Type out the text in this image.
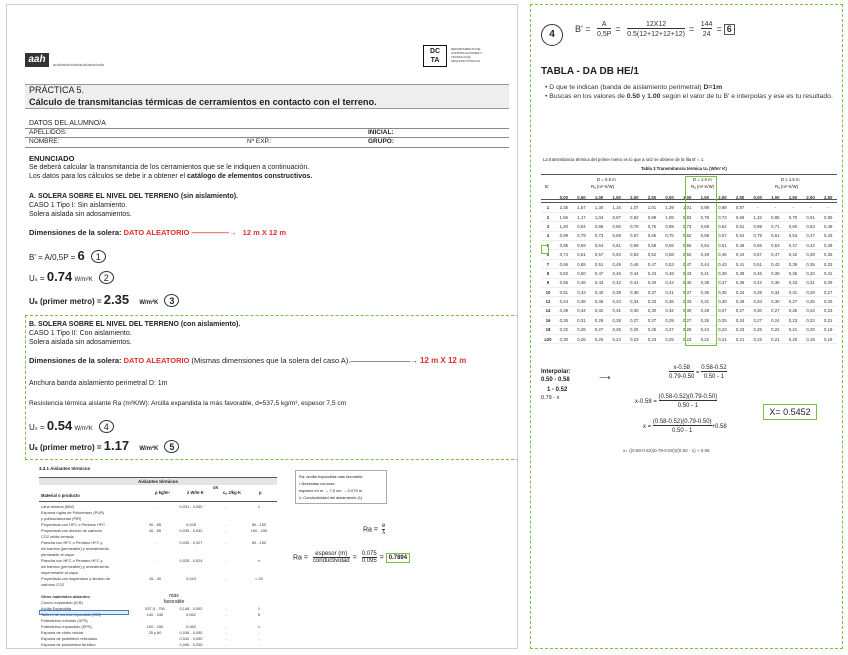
aah	aula/aula/aula/aula/aula/aula
DC
TA
DEPARTAMENTO DE CONSTRUCCIONES Y TECNOLOGÍA ARQUITECTÓNICAS
PRÁCTICA 5.
Cálculo de transmitancias térmicas de cerramientos en contacto con el terreno.
DATOS DEL ALUMNO/A
APELLIDOS:	INICIAL:
NOMBRE:	Nº EXP.:	GRUPO:
ENUNCIADO
Se deberá calcular la transmitancia de los cerramientos que se le indiquen a continuación.
Los datos para los cálculos se debe ir a obtener el catálogo de elementos constructivos.
A. SOLERA SOBRE EL NIVEL DEL TERRENO (sin aislamiento).
CASO 1 Tipo I: Sin aislamiento.
Solera aislada sin adosamientos.
Dimensiones de la solera: DATO ALEATORIO —————→ 12 m X 12 m
B' = A/0,5P = 6 1
Uₛ = 0.74 W/m²K 2
Uₛ (primer metro) = 2.35 W/m²K 3
B. SOLERA SOBRE EL NIVEL DEL TERRENO (con aislamiento).
CASO 1 Tipo II: Con aislamiento.
Solera aislada sin adosamientos.
Dimensiones de la solera: DATO ALEATORIO (Mismas dimensiones que la solera del caso A).————————→ 12 m X 12 m
Anchura banda aislamiento perimetral D: 1m
Resistencia térmica aislante Ra (m²K/W): Arcilla expandida la más favorable, d=537,5 kg/m³, espesor 7,5 cm
Uₛ = 0.54 W/m²K 4
Uₛ (primer metro) = 1.17 W/m²K 5
3.3.1 Aislantes térmicos
Aislantes térmicos
Material o producto
ρ kg/m³	λ W/m·K
cK
cₚ J/kg·K	μ
Lana mineral (MW)	-	0,031 - 0,050	-	1
Espuma rígida de Poliuretano (PUR)				
y poliisocianurato (PIR)				
Proyectada con HFC o Pentano HFC	30 - 65	0,028	-	60 - 150
Proyectada con dióxido de carbono	40 - 65	0,035 - 0,032	-	100 - 150
CO2 celda cerrada				
Plancha con HFC o Pentano HFC y	-	0,030 - 0,027	-	60 - 150
sin barrera (permeable) y revestimiento				
permeable al vapor				
Plancha con HFC o Pentano HFC y	-	0,025 - 0,024	-	∞
sin barrera (permeable) y revestimiento				
impermeable al vapor				
Proyectada con isopentano y dióxido de	15 - 30	0,043	-	< 20
carbono CO2				

Otros materiales aislantes:				
Corcho expandido (ICB)				
Arcilla Expandida	537,5 - 750	0,148 - 0,092	-	1
Tablero de corcho expandido (ICB)	140 - 240	0,052	-	5
Poliestireno extruido (XPS)				
Poliestireno expandido (EPS)	100 - 150	0,060	-	∞
Espuma de vidrio celular	25 y 60	0,036 - 0,050	-	-
Espuma de polietileno reticulado		0,042 - 0,050	-	-
Espuma de poliuretano fenólico		0,040 - 0,035	-	-
más favorable
Ra: arcilla expandida más favorable
• Necesitas conocer:
espesor en m → 7,5 cm → 0,075 m
λ: Conductividad del aislamiento (λ)
$Ra = \frac{e}{\lambda}$
Ra =
espesor (m)
conductividad = $\frac{0.075}{0.095} = 0.7894$
4	$B' = \frac{A}{0,5P} = \frac{12X12}{0.5(12+12+12+12)} = \frac{144}{24} = 6$
TABLA - DA DB HE/1
• D que te indican (banda de aislamiento perimetral) D=1m
• Buscas en los valores de 0.50 y 1.00 según el valor de tu B' e interpolas y ese es tu resultado.
La transmitancia térmica del primer metro es lo que a raíz se obtiene de la fila B' = 1.
Tabla 3 Transmitancia térmica Uₛ (W/m² K)
D = 0.5 m	D = 1.0 m	D ≥ 1.5 m
Rₐ (m² K/W)	Rₐ (m² K/W)	Rₐ (m² K/W)
B'
	0,00	0,50	1,00	1,50	2,00	2,50	0,00	1,00	1,50	2,00	2,50	0,00	1,00	1,50	2,00	2,50
1	2,35	1,57	1,30	1,16	1,07	1,01	1,39	1,01	0,99	0,88	0,87	-	-	-	-	-
2	1,56	1,17	1,04	0,97	0,92	0,89	1,08	0,83	0,79	0,73	0,69	1,32	0,85	0,70	0,61	0,55
3	1,20	0,94	0,86	0,80	0,78	0,76	0,89	0,73	0,68	0,64	0,61	0,99	0,71	0,60	0,53	0,48
4	0,99	0,79	0,73	0,69	0,67	0,65	0,75	0,62	0,59	0,57	0,54	0,79	0,61	0,53	0,47	0,43
5	0,85	0,69	0,64	0,61	0,59	0,58	0,65	0,55	0,54	0,51	0,49	0,66	0,53	0,47	0,42	0,39
6	0,74	0,61	0,57	0,54	0,53	0,52	0,58	0,52	0,48	0,46	0,44	0,57	0,47	0,42	0,39	0,35
7	0,66	0,55	0,51	0,49	0,48	0,47	0,53	0,47	0,44	0,43	0,41	0,51	0,43	0,39	0,35	0,33
8	0,60	0,50	0,47	0,45	0,44	0,43	0,48	0,43	0,41	0,39	0,38	0,46	0,39	0,36	0,33	0,31
9	0,55	0,46	0,43	0,42	0,41	0,40	0,44	0,40	0,38	0,37	0,36	0,42	0,36	0,33	0,31	0,29
10	0,51	0,43	0,40	0,39	0,38	0,37	0,41	0,37	0,36	0,35	0,34	0,39	0,34	0,31	0,29	0,27
12	0,44	0,38	0,36	0,34	0,34	0,33	0,36	0,33	0,31	0,30	0,29	0,34	0,30	0,27	0,26	0,25
14	0,39	0,34	0,32	0,31	0,30	0,30	0,32	0,30	0,28	0,27	0,27	0,30	0,27	0,25	0,24	0,23
16	0,35	0,31	0,29	0,28	0,27	0,27	0,29	0,27	0,26	0,25	0,24	0,27	0,24	0,23	0,22	0,21
18	0,32	0,28	0,27	0,26	0,25	0,25	0,27	0,25	0,24	0,23	0,23	0,25	0,22	0,21	0,20	0,19
≥20	0,30	0,26	0,25	0,24	0,23	0,23	0,25	0,23	0,22	0,21	0,21	0,23	0,21	0,20	0,19	0,18
Interpolar:
0.50 - 0.58
1 - 0.52
0.79 - x
⟶	$\frac{x-0.58}{0.79-0.50} = \frac{0.58-0.52}{0.50 - 1}$
$x-0.58 = \frac{(0.58-0.52)(0.79-0.50)}{0.50 - 1}$
$x = \frac{(0.58-0.52)(0.79-0.50)}{0.50 - 1} +0.58$
X= 0.5452
x= ((0.58-0.52)(0.79-0.50))/(0.50 - 1) + 0.58
